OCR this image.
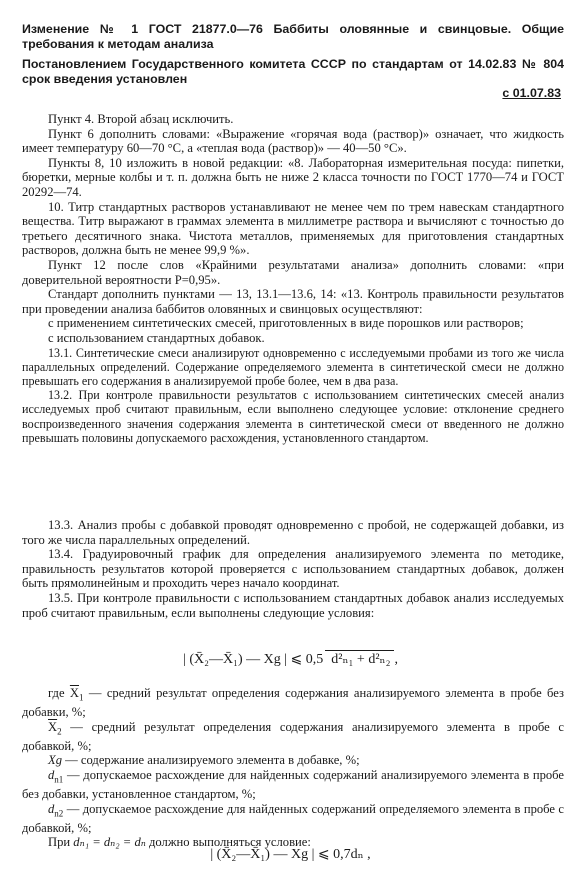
Изменение № 1 ГОСТ 21877.0—76 Баббиты оловянные и свинцовые. Общие требования к методам анализа
Постановлением Государственного комитета СССР по стандартам от 14.02.83 № 804 срок введения установлен
с 01.07.83

Пункт 4. Второй абзац исключить.

Пункт 6 дополнить словами: «Выражение «горячая вода (раствор)» означает, что жидкость имеет температуру 60—70 °С, а «теплая вода (раствор)» — 40—50 °С».

Пункты 8, 10 изложить в новой редакции: «8. Лабораторная измерительная посуда: пипетки, бюретки, мерные колбы и т. п. должна быть не ниже 2 класса точности по ГОСТ 1770—74 и ГОСТ 20292—74.

10. Титр стандартных растворов устанавливают не менее чем по трем навескам стандартного вещества. Титр выражают в граммах элемента в миллиметре раствора и вычисляют с точностью до третьего десятичного знака. Чистота металлов, применяемых для приготовления стандартных растворов, должна быть не менее 99,9 %».

Пункт 12 после слов «Крайними результатами анализа» дополнить словами: «при доверительной вероятности P=0,95».

Стандарт дополнить пунктами — 13, 13.1—13.6, 14: «13. Контроль правильности результатов при проведении анализа баббитов оловянных и свинцовых осуществляют:

с применением синтетических смесей, приготовленных в виде порошков или растворов;

с использованием стандартных добавок.

13.1. Синтетические смеси анализируют одновременно с исследуемыми пробами из того же числа параллельных определений. Содержание определяемого элемента в синтетической смеси не должно превышать его содержания в анализируемой пробе более, чем в два раза.

13.2. При контроле правильности результатов с использованием синтетических смесей анализ исследуемых проб считают правильным, если выполнено следующее условие: отклонение среднего воспроизведенного значения содержания элемента в синтетической смеси от введенного не должно превышать половины допускаемого расхождения, установленного стандартом.

13.3. Анализ пробы с добавкой проводят одновременно с пробой, не содержащей добавки, из того же числа параллельных определений.

13.4. Градуировочный график для определения анализируемого элемента по методике, правильность результатов которой проверяется с использованием стандартных добавок, должен быть прямолинейным и проходить через начало координат.

13.5. При контроле правильности с использованием стандартных добавок анализ исследуемых проб считают правильным, если выполнены следующие условия:

| (X̄₂—X̄₁) — Xg | ⩽ 0,5 d²ₙ₁ + d²ₙ₂ ,

где $\overline{X}_1$ — средний результат определения содержания анализируемого элемента в пробе без добавки, %;

$\overline{X}_2$ — средний результат определения содержания анализируемого элемента в пробе с добавкой, %;

Xg — содержание анализируемого элемента в добавке, %;

$d_{n1}$ — допускаемое расхождение для найденных содержаний анализируемого элемента в пробе без добавки, установленное стандартом, %;

$d_{n2}$ — допускаемое расхождение для найденных содержаний определяемого элемента в пробе с добавкой, %;

При dₙ₁ = dₙ₂ = dₙ должно выполняться условие:

| (X̄₂—X̄₁) — Xg | ⩽ 0,7dₙ ,
